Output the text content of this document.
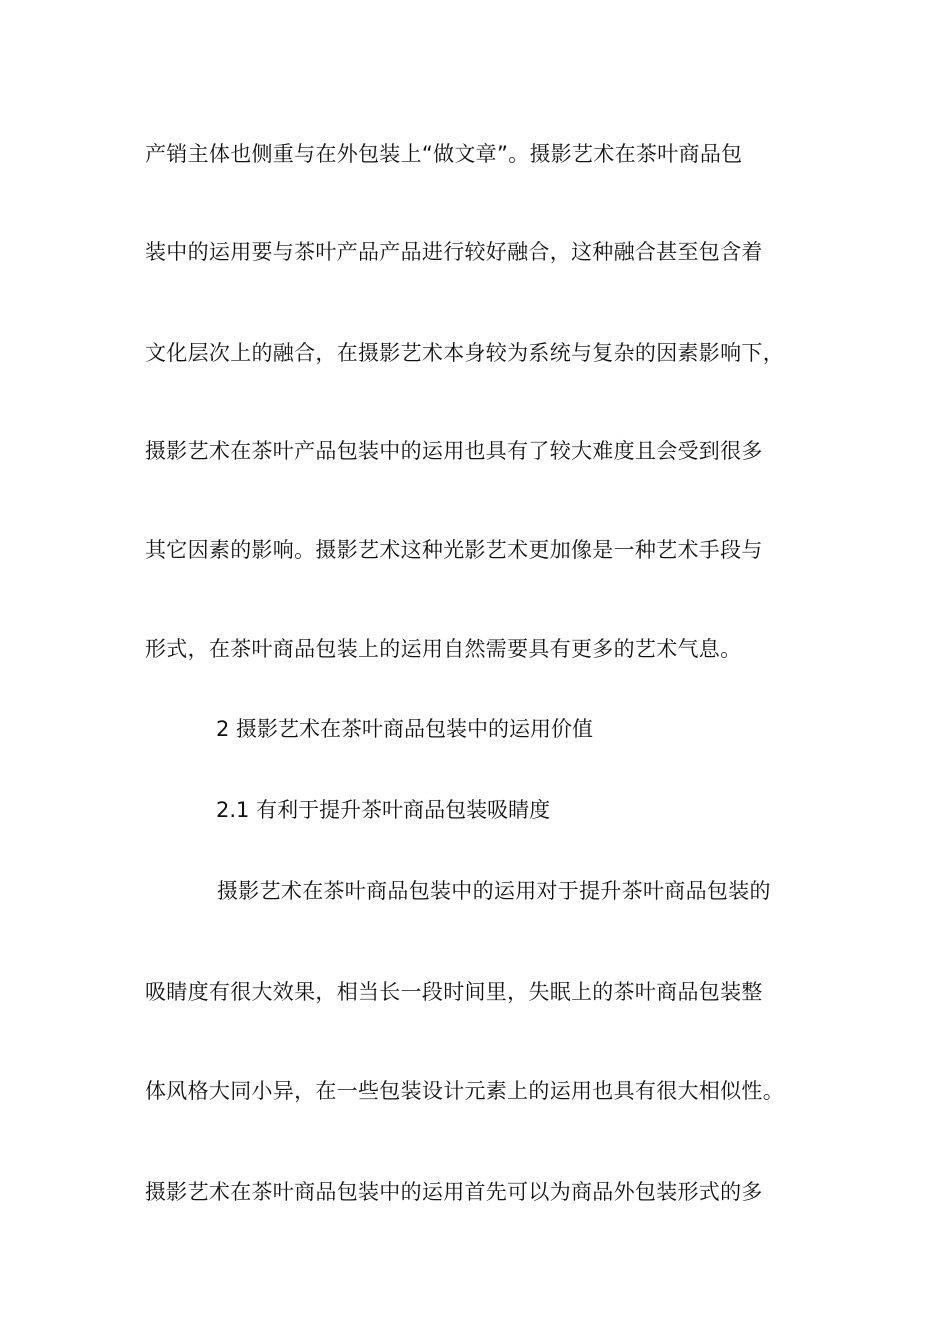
产销主体也侧重与在外包装上“做文章”。摄影艺术在茶叶商品包
装中的运用要与茶叶产品产品进行较好融合，这种融合甚至包含着
文化层次上的融合，在摄影艺术本身较为系统与复杂的因素影响下，
摄影艺术在茶叶产品包装中的运用也具有了较大难度且会受到很多
其它因素的影响。摄影艺术这种光影艺术更加像是一种艺术手段与
形式，在茶叶商品包装上的运用自然需要具有更多的艺术气息。
2 摄影艺术在茶叶商品包装中的运用价值
2.1 有利于提升茶叶商品包装吸睛度
摄影艺术在茶叶商品包装中的运用对于提升茶叶商品包装的
吸睛度有很大效果，相当长一段时间里，失眠上的茶叶商品包装整
体风格大同小异，在一些包装设计元素上的运用也具有很大相似性。
摄影艺术在茶叶商品包装中的运用首先可以为商品外包装形式的多
